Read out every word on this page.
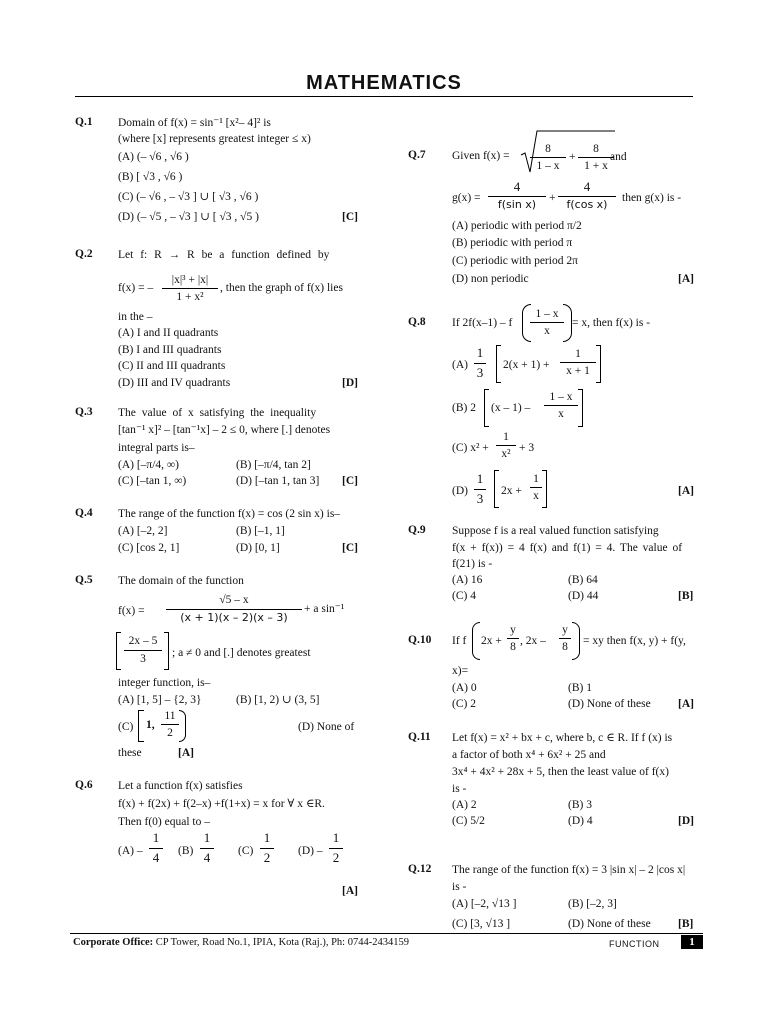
MATHEMATICS
Q.1 Domain of f(x) = sin⁻¹ [x²– 4]² is
(where [x] represents greatest integer ≤ x)
(A) (– √6 , √6 )
(B) [ √3 , √6 )
(C) (– √6 , – √3 ] ∪ [ √3 , √6 )
(D) (– √5 , – √3 ] ∪ [ √3 , √5 )	[C]
Q.2 Let f: R → R be a function defined by
f(x) = –
|x|³ + |x|
1 + x²
, then the graph of f(x) lies
in the –
(A) I and II quadrants
(B) I and III quadrants
(C) II and III quadrants
(D) III and IV quadrants	[D]
Q.3 The value of x satisfying the inequality
[tan⁻¹ x]² – [tan⁻¹x] – 2 ≤ 0, where [.] denotes
integral parts is–
(A) [–π/4, ∞)	(B) [–π/4, tan 2]
(C) [–tan 1, ∞)	(D) [–tan 1, tan 3] [C]
Q.4 The range of the function f(x) = cos (2 sin x) is–
(A) [–2, 2]	(B) [–1, 1]
(C) [cos 2, 1]	(D) [0, 1]	[C]
Q.5 The domain of the function
f(x) =
√5 – x
(x + 1)(x – 2)(x – 3)
+ a sin⁻¹
2x – 5
3	; a ≠ 0 and [.] denotes greatest
integer function, is–
(A) [1, 5] – {2, 3}	(B) [1, 2) ∪ (3, 5]
(C) 1,
11
2	(D) None of
these	[A]
Q.6 Let a function f(x) satisfies
f(x) + f(2x) + f(2–x) +f(1+x) = x for ∀ x ∈R.
Then f(0) equal to –
(A) –
1
4	(B)
1
4	(C)
1
2	(D) –
1
2
[A]
Q.7 Given f(x) =
8
1 – x
+
8
1 + x
and
g(x) =
4
f(sin x)	+
4
f(cos x)	then g(x) is -
(A) periodic with period π/2
(B) periodic with period π
(C) periodic with period 2π
(D) non periodic	[A]
Q.8 If 2f(x–1) – f
1 – x
x
= x, then f(x) is -
(A)
1
3 2(x + 1) +
1
x + 1
(B) 2 (x – 1) –
1 – x
x
(C) x² +
1
x² + 3
(D)
1
3 2x +
1
x	[A]
Q.9 Suppose f is a real valued function satisfying
f(x + f(x)) = 4 f(x) and f(1) = 4. The value of
f(21) is -
(A) 16	(B) 64
(C) 4	(D) 44	[B]
Q.10 If f 2x +
y
8 , 2x –
y
8 = xy then f(x, y) + f(y,
x)=
(A) 0	(B) 1
(C) 2	(D) None of these [A]
Q.11 Let f(x) = x² + bx + c, where b, c ∈ R. If f (x) is
a factor of both x⁴ + 6x² + 25 and
3x⁴ + 4x² + 28x + 5, then the least value of f(x)
is -
(A) 2	(B) 3
(C) 5/2	(D) 4	[D]
Q.12 The range of the function f(x) = 3 |sin x| – 2 |cos x|
is -
(A) [–2, √13 ]	(B) [–2, 3]
(C) [3, √13 ]	(D) None of these [B]
Corporate Office: CP Tower, Road No.1, IPIA, Kota (Raj.), Ph: 0744-2434159	FUNCTION	1
